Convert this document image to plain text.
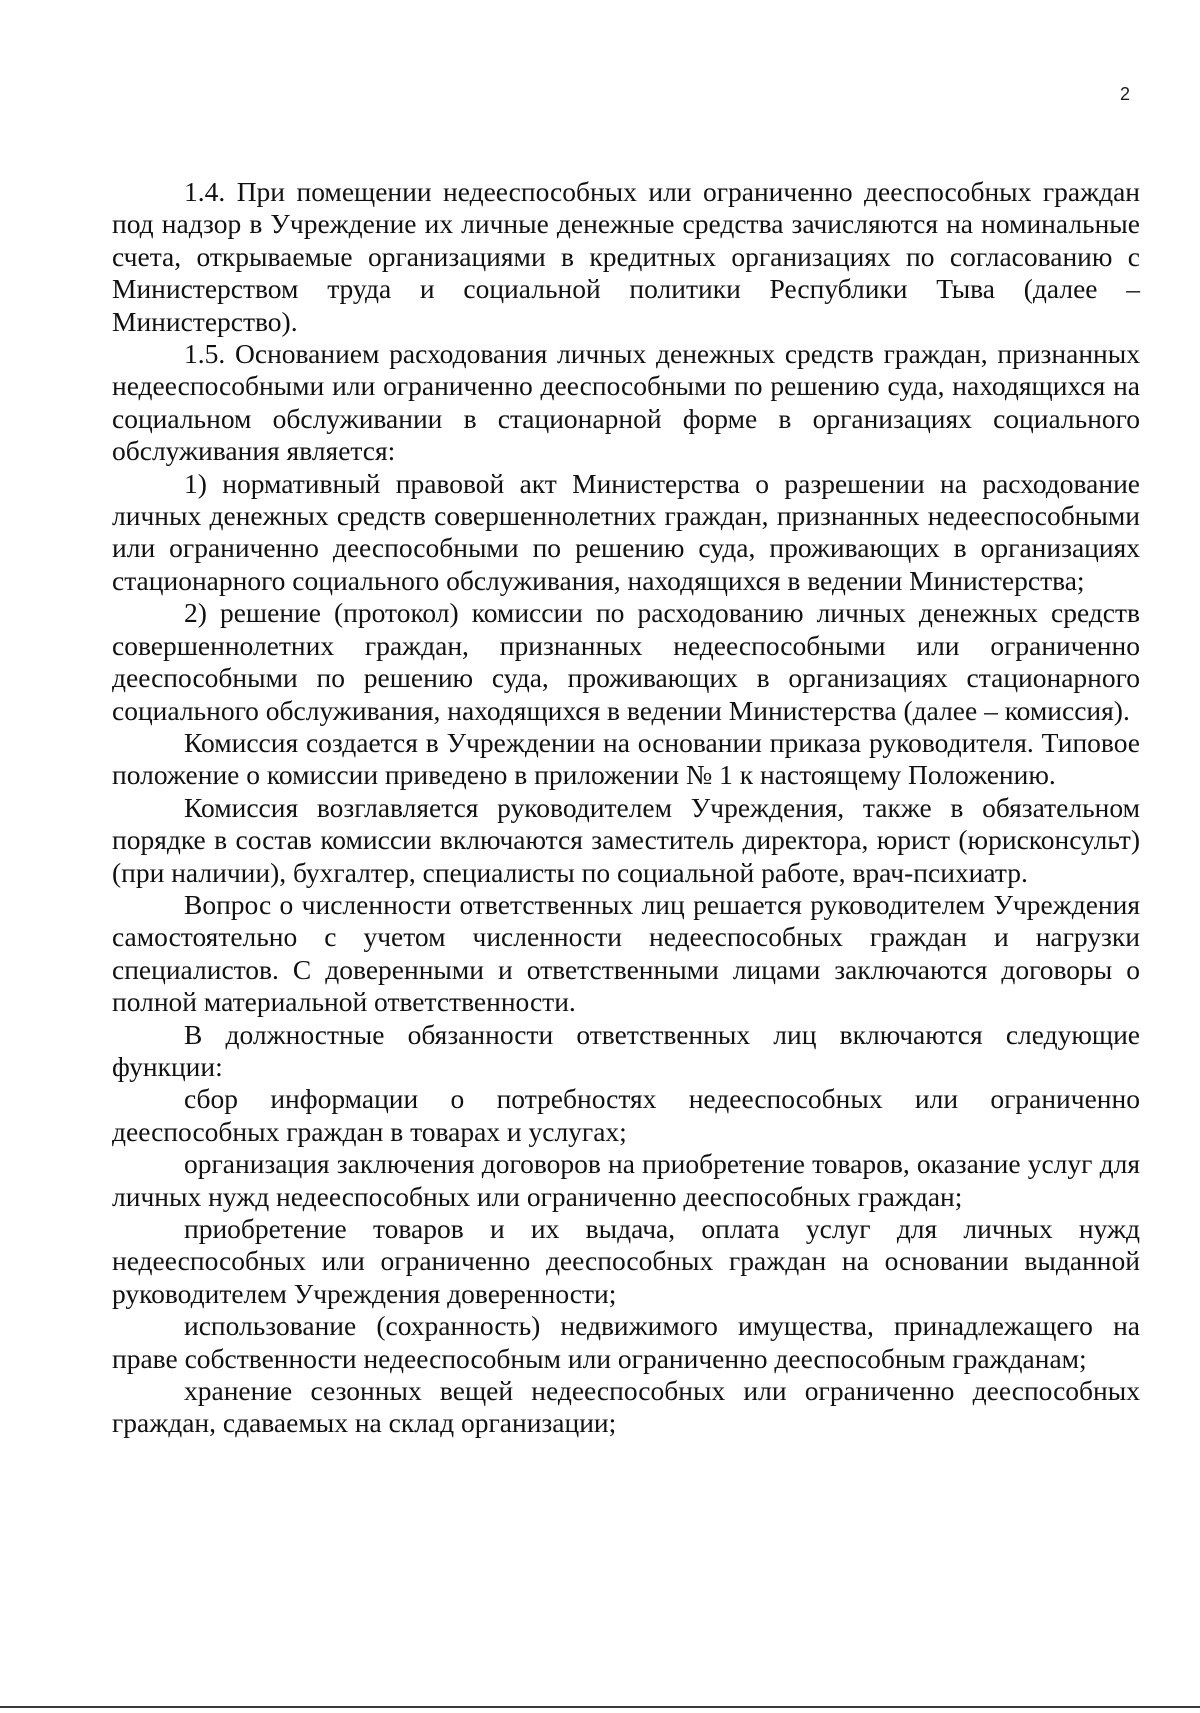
2

1.4. При помещении недееспособных или ограниченно дееспособных граждан под надзор в Учреждение их личные денежные средства зачисляются на номинальные счета, открываемые организациями в кредитных организациях по согласованию с Министерством труда и социальной политики Республики Тыва (далее – Министерство).

1.5. Основанием расходования личных денежных средств граждан, признанных недееспособными или ограниченно дееспособными по решению суда, находящихся на социальном обслуживании в стационарной форме в организациях социального обслуживания является:

1) нормативный правовой акт Министерства о разрешении на расходование личных денежных средств совершеннолетних граждан, признанных недееспособными или ограниченно дееспособными по решению суда, проживающих в организациях стационарного социального обслуживания, находящихся в ведении Министерства;

2) решение (протокол) комиссии по расходованию личных денежных средств совершеннолетних граждан, признанных недееспособными или ограниченно дееспособными по решению суда, проживающих в организациях стационарного социального обслуживания, находящихся в ведении Министерства (далее – комиссия).

Комиссия создается в Учреждении на основании приказа руководителя. Типовое положение о комиссии приведено в приложении № 1 к настоящему Положению.

Комиссия возглавляется руководителем Учреждения, также в обязательном порядке в состав комиссии включаются заместитель директора, юрист (юрисконсульт) (при наличии), бухгалтер, специалисты по социальной работе, врач-психиатр.

Вопрос о численности ответственных лиц решается руководителем Учреждения самостоятельно с учетом численности недееспособных граждан и нагрузки специалистов. С доверенными и ответственными лицами заключаются договоры о полной материальной ответственности.

В должностные обязанности ответственных лиц включаются следующие функции:

сбор информации о потребностях недееспособных или ограниченно дееспособных граждан в товарах и услугах;

организация заключения договоров на приобретение товаров, оказание услуг для личных нужд недееспособных или ограниченно дееспособных граждан;

приобретение товаров и их выдача, оплата услуг для личных нужд недееспособных или ограниченно дееспособных граждан на основании выданной руководителем Учреждения доверенности;

использование (сохранность) недвижимого имущества, принадлежащего на праве собственности недееспособным или ограниченно дееспособным гражданам;

хранение сезонных вещей недееспособных или ограниченно дееспособных граждан, сдаваемых на склад организации;
